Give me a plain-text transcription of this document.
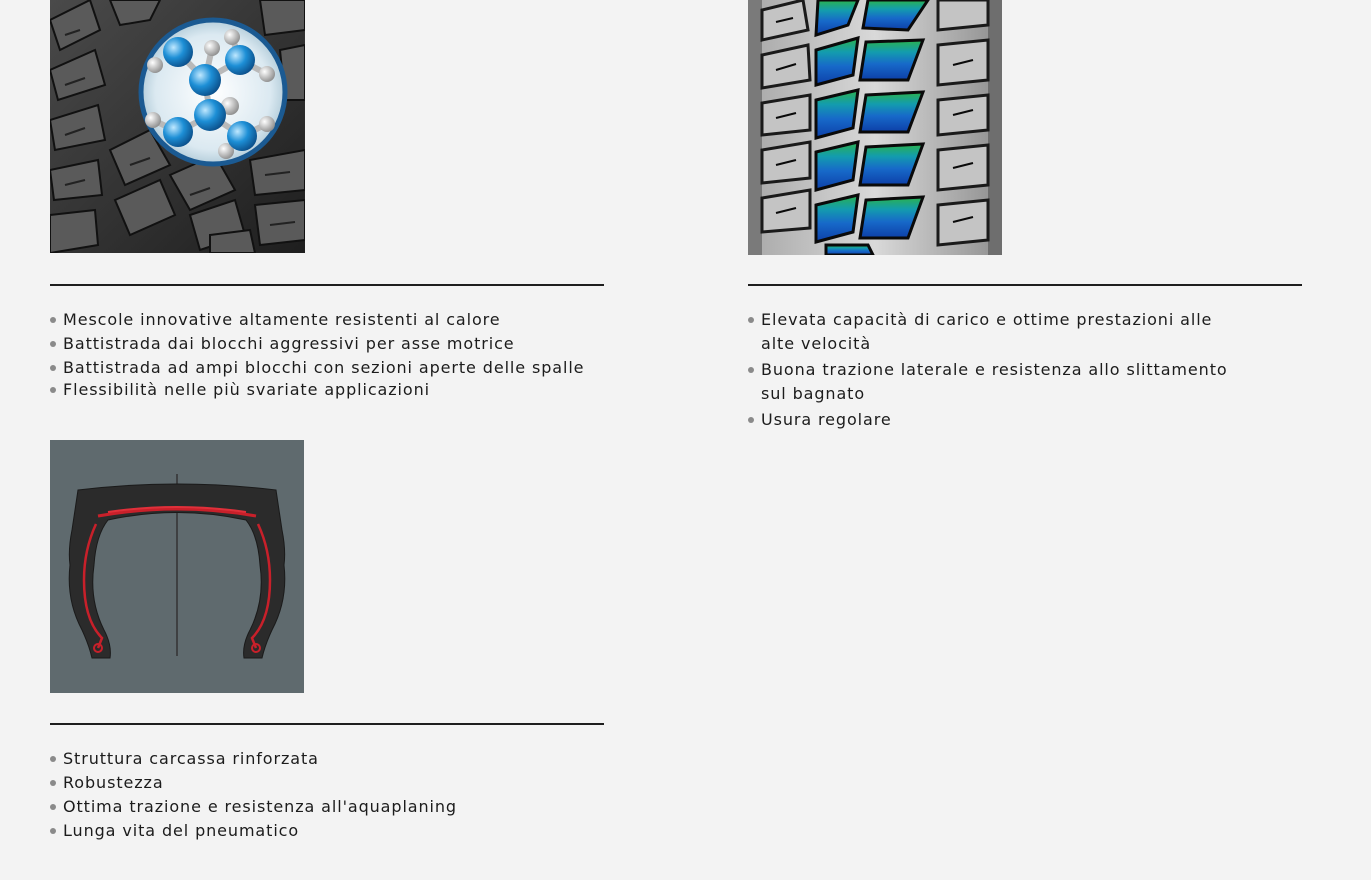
Mescole innovative altamente resistenti al calore
Battistrada dai blocchi aggressivi per asse motrice
Battistrada ad ampi blocchi con sezioni aperte delle spalle
Flessibilità nelle più svariate applicazioni
Elevata capacità di carico e ottime prestazioni alle alte velocità
Buona trazione laterale e resistenza allo slittamento sul bagnato
Usura regolare
Struttura carcassa rinforzata
Robustezza
Ottima trazione e resistenza all'aquaplaning
Lunga vita del pneumatico
